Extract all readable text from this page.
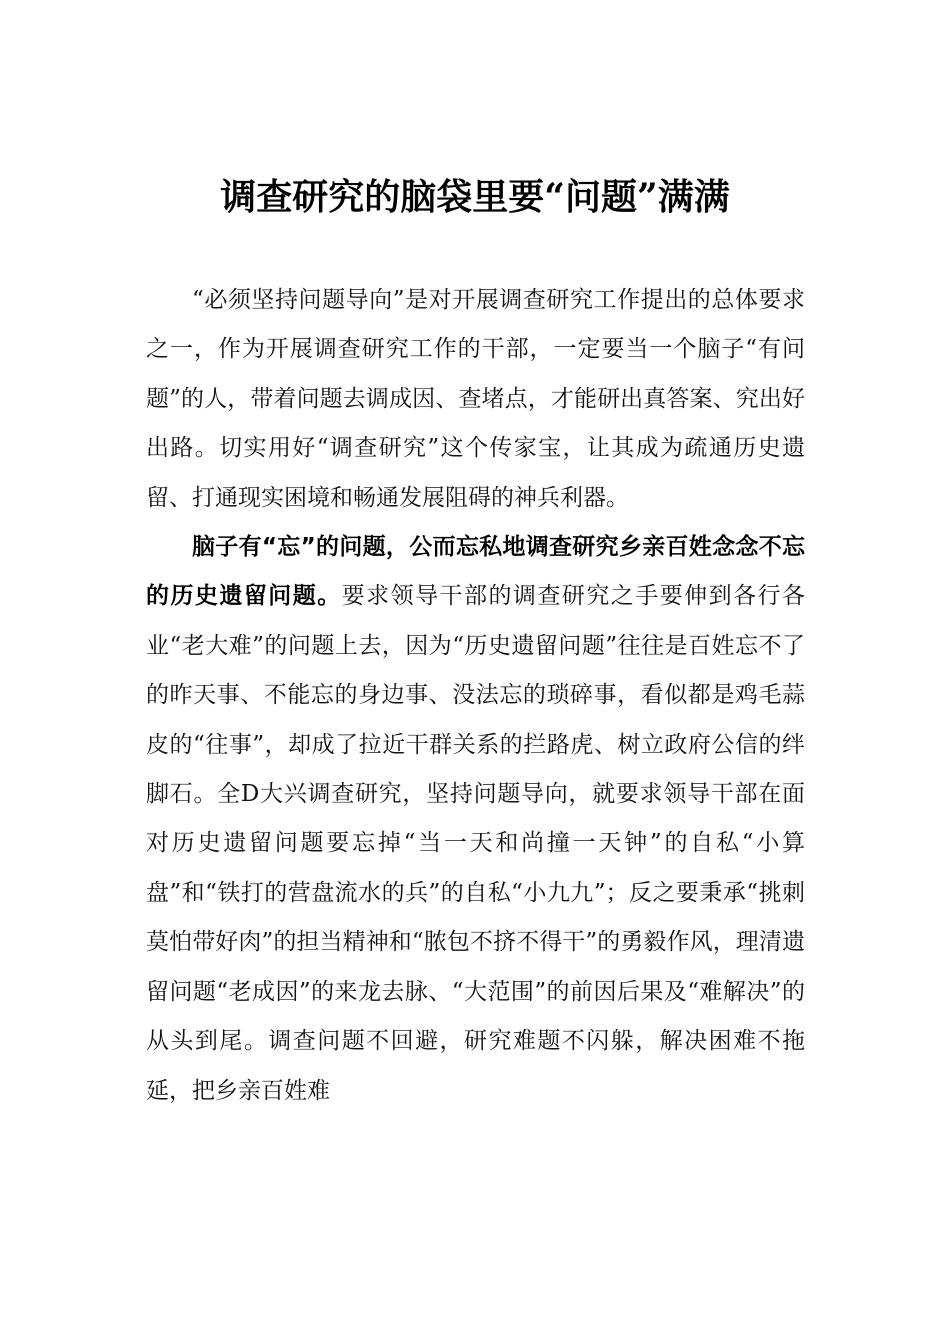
调查研究的脑袋里要“问题”满满

“必须坚持问题导向”是对开展调查研究工作提出的总体要求之一，作为开展调查研究工作的干部，一定要当一个脑子“有问题”的人，带着问题去调成因、查堵点，才能研出真答案、究出好出路。切实用好“调查研究”这个传家宝，让其成为疏通历史遗留、打通现实困境和畅通发展阻碍的神兵利器。

脑子有“忘”的问题，公而忘私地调查研究乡亲百姓念念不忘的历史遗留问题。要求领导干部的调查研究之手要伸到各行各业“老大难”的问题上去，因为“历史遗留问题”往往是百姓忘不了的昨天事、不能忘的身边事、没法忘的琐碎事，看似都是鸡毛蒜皮的“往事”，却成了拉近干群关系的拦路虎、树立政府公信的绊脚石。全D大兴调查研究，坚持问题导向，就要求领导干部在面对历史遗留问题要忘掉“当一天和尚撞一天钟”的自私“小算盘”和“铁打的营盘流水的兵”的自私“小九九”；反之要秉承“挑刺莫怕带好肉”的担当精神和“脓包不挤不得干”的勇毅作风，理清遗留问题“老成因”的来龙去脉、“大范围”的前因后果及“难解决”的从头到尾。调查问题不回避，研究难题不闪躲，解决困难不拖延，把乡亲百姓难
